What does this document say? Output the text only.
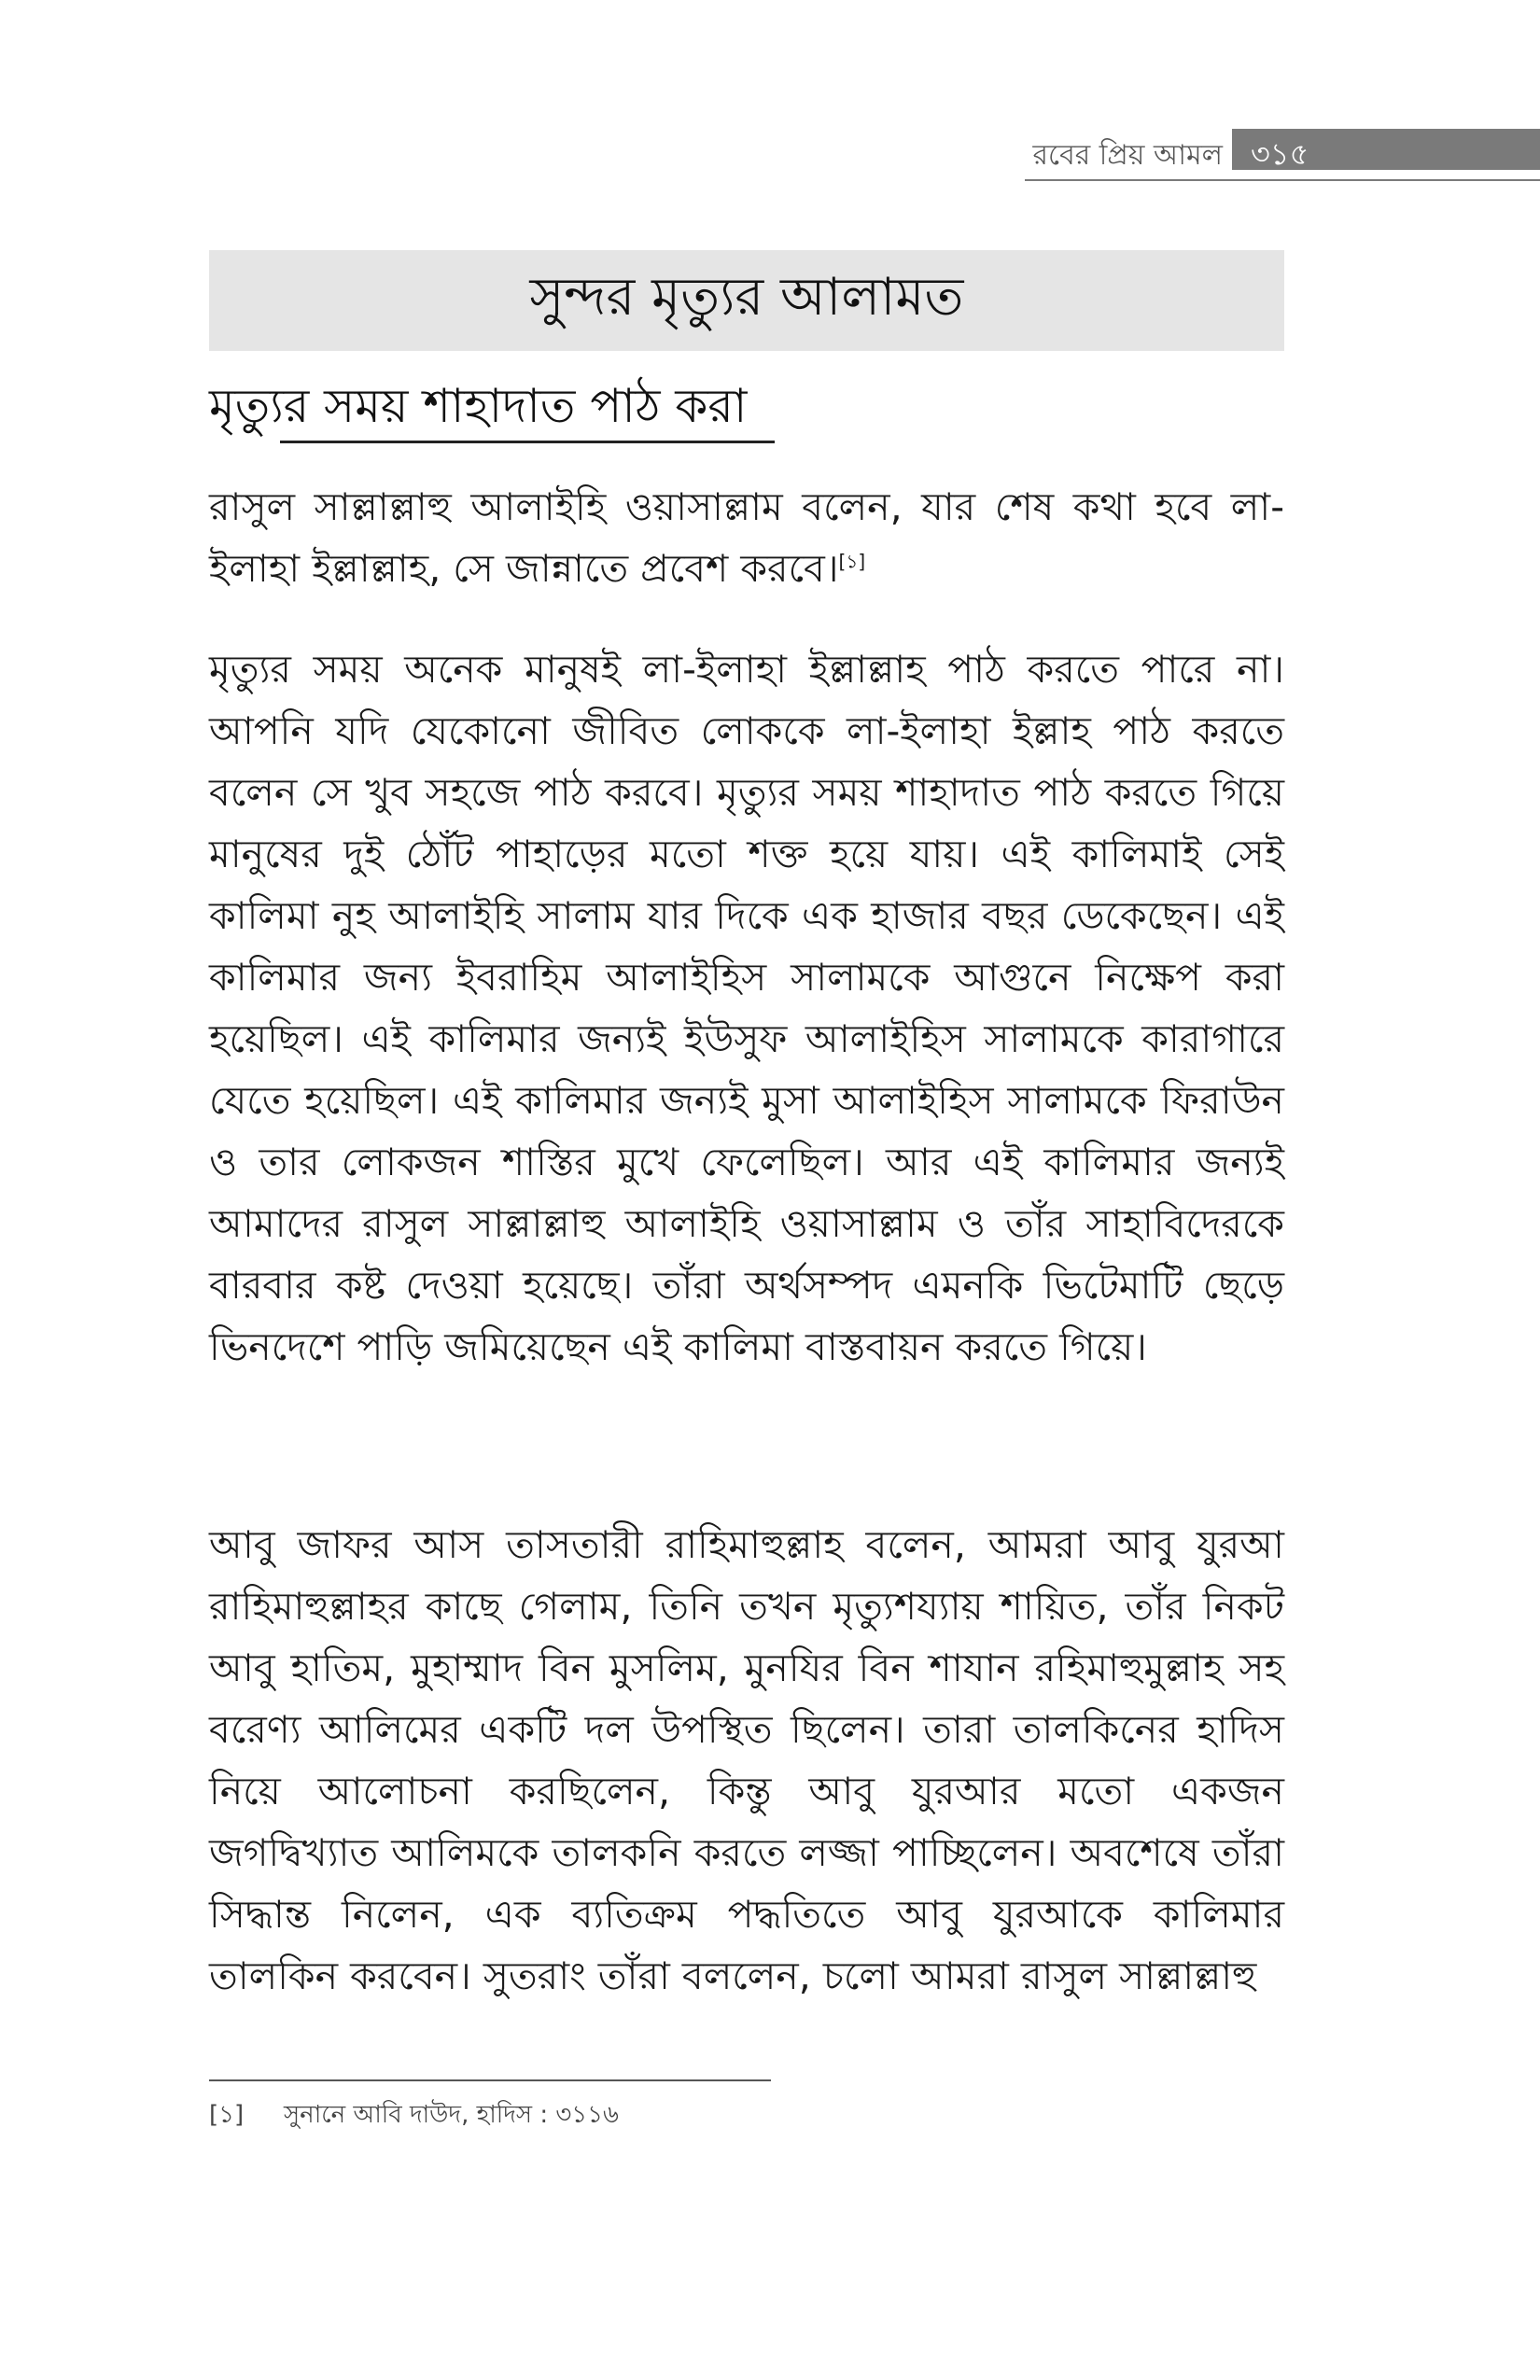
রবের প্রিয় আমল ৩১৫
সুন্দর মৃত্যুর আলামত
মৃত্যুর সময় শাহাদাত পাঠ করা

রাসুল সাল্লাল্লাহু আলাইহি ওয়াসাল্লাম বলেন, যার শেষ কথা হবে লা-ইলাহা ইল্লাল্লাহ, সে জান্নাতে প্রবেশ করবে।[১]

মৃত্যুর সময় অনেক মানুষই লা-ইলাহা ইল্লাল্লাহ পাঠ করতে পারে না। আপনি যদি যেকোনো জীবিত লোককে লা-ইলাহা ইল্লাহ পাঠ করতে বলেন সে খুব সহজে পাঠ করবে। মৃত্যুর সময় শাহাদাত পাঠ করতে গিয়ে মানুষের দুই ঠোঁট পাহাড়ের মতো শক্ত হয়ে যায়। এই কালিমাই সেই কালিমা নুহ আলাইহি সালাম যার দিকে এক হাজার বছর ডেকেছেন। এই কালিমার জন্য ইবরাহিম আলাইহিস সালামকে আগুনে নিক্ষেপ করা হয়েছিল। এই কালিমার জন্যই ইউসুফ আলাইহিস সালামকে কারাগারে যেতে হয়েছিল। এই কালিমার জন্যই মুসা আলাইহিস সালামকে ফিরাউন ও তার লোকজন শাস্তির মুখে ফেলেছিল। আর এই কালিমার জন্যই আমাদের রাসুল সাল্লাল্লাহু আলাইহি ওয়াসাল্লাম ও তাঁর সাহাবিদেরকে বারবার কষ্ট দেওয়া হয়েছে। তাঁরা অর্থসম্পদ এমনকি ভিটেমাটি ছেড়ে ভিনদেশে পাড়ি জমিয়েছেন এই কালিমা বাস্তবায়ন করতে গিয়ে।

আবু জাফর আস তাসতারী রাহিমাহুল্লাহ বলেন, আমরা আবু যুরআ রাহিমাহুল্লাহর কাছে গেলাম, তিনি তখন মৃত্যুশয্যায় শায়িত, তাঁর নিকট আবু হাতিম, মুহাম্মাদ বিন মুসলিম, মুনযির বিন শাযান রহিমাহুমুল্লাহ সহ বরেণ্য আলিমের একটি দল উপস্থিত ছিলেন। তারা তালকিনের হাদিস নিয়ে আলোচনা করছিলেন, কিন্তু আবু যুরআর মতো একজন জগদ্বিখ্যাত আলিমকে তালকনি করতে লজ্জা পাচ্ছিলেন। অবশেষে তাঁরা সিদ্ধান্ত নিলেন, এক ব্যতিক্রম পদ্ধতিতে আবু যুরআকে কালিমার তালকিন করবেন। সুতরাং তাঁরা বললেন, চলো আমরা রাসুল সাল্লাল্লাহু

[১] সুনানে আবি দাউদ, হাদিস : ৩১১৬
